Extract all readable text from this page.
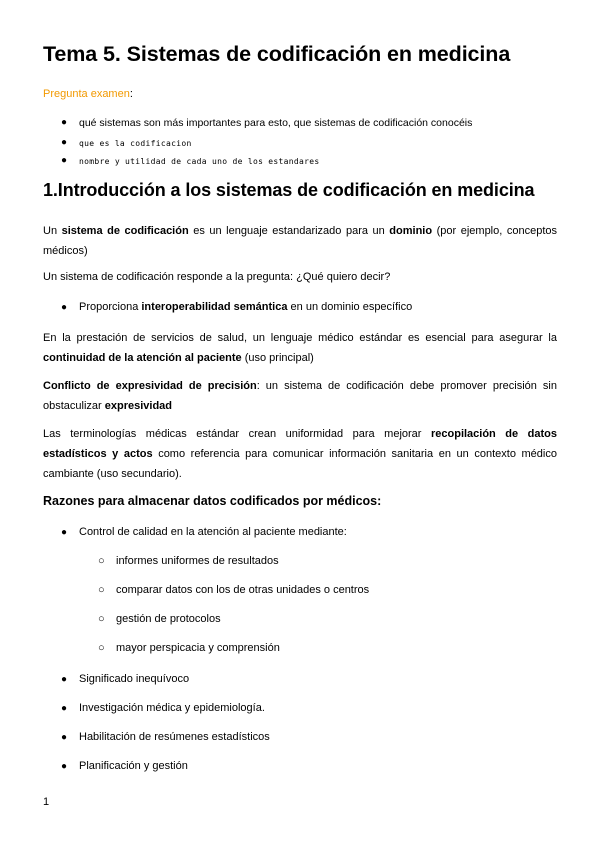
Tema 5. Sistemas de codificación en medicina
Pregunta examen:
● qué sistemas son más importantes para esto, que sistemas de codificación conocéis
● que es la codificacion
● nombre y utilidad de cada uno de los estandares
1.Introducción a los sistemas de codificación en medicina
Un sistema de codificación es un lenguaje estandarizado para un dominio (por ejemplo, conceptos médicos)
Un sistema de codificación responde a la pregunta: ¿Qué quiero decir?
● Proporciona interoperabilidad semántica en un dominio específico
En la prestación de servicios de salud, un lenguaje médico estándar es esencial para asegurar la continuidad de la atención al paciente (uso principal)
Conflicto de expresividad de precisión: un sistema de codificación debe promover precisión sin obstaculizar expresividad
Las terminologías médicas estándar crean uniformidad para mejorar recopilación de datos estadísticos y actos como referencia para comunicar información sanitaria en un contexto médico cambiante (uso secundario).
Razones para almacenar datos codificados por médicos:
● Control de calidad en la atención al paciente mediante:
○ informes uniformes de resultados
○ comparar datos con los de otras unidades o centros
○ gestión de protocolos
○ mayor perspicacia y comprensión
● Significado inequívoco
● Investigación médica y epidemiología.
● Habilitación de resúmenes estadísticos
● Planificación y gestión
1
